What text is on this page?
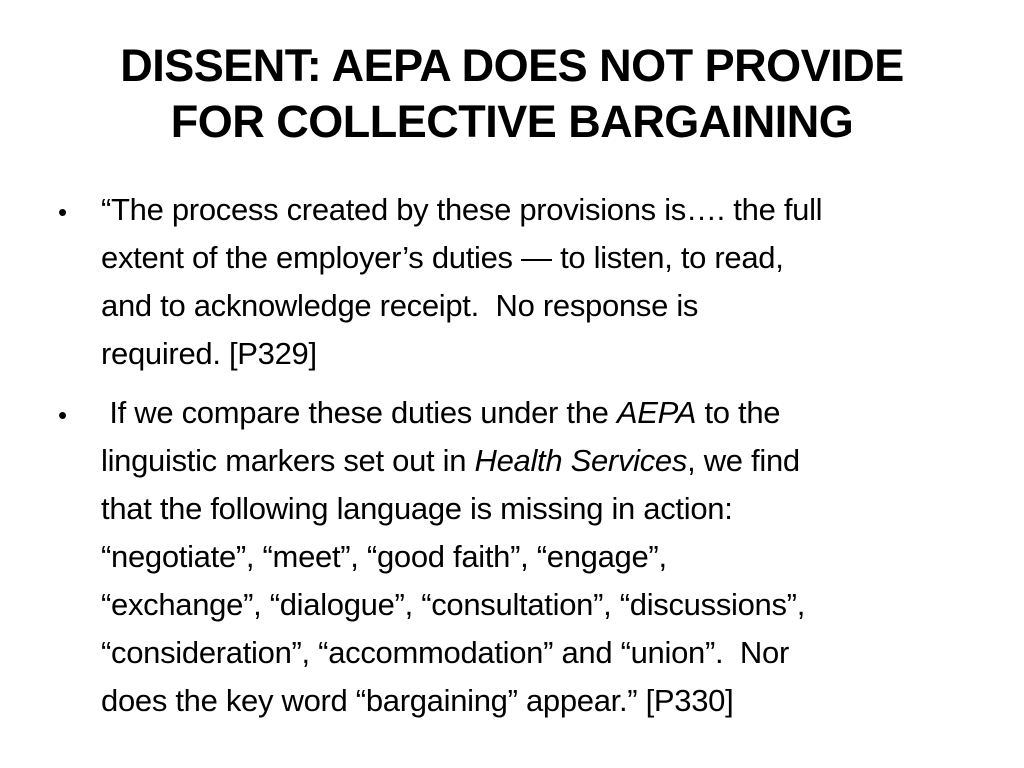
DISSENT: AEPA DOES NOT PROVIDE
FOR COLLECTIVE BARGAINING
• “The process created by these provisions is…. the full
extent of the employer’s duties — to listen, to read,
and to acknowledge receipt.  No response is
required. [P329]
• If we compare these duties under the AEPA to the
linguistic markers set out in Health Services, we find
that the following language is missing in action:
“negotiate”, “meet”, “good faith”, “engage”,
“exchange”, “dialogue”, “consultation”, “discussions”,
“consideration”, “accommodation” and “union”.  Nor
does the key word “bargaining” appear.” [P330]
